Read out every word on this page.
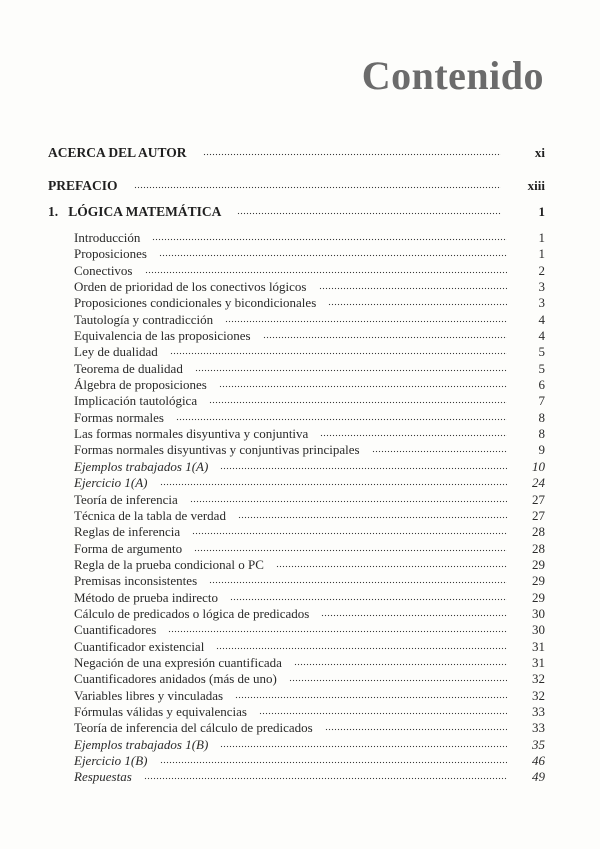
Contenido
ACERCA DEL AUTOR	xi
PREFACIO	xiii
1.   LÓGICA MATEMÁTICA	1
Introducción	1
Proposiciones	1
Conectivos	2
Orden de prioridad de los conectivos lógicos	3
Proposiciones condicionales y bicondicionales	3
Tautología y contradicción	4
Equivalencia de las proposiciones	4
Ley de dualidad	5
Teorema de dualidad	5
Álgebra de proposiciones	6
Implicación tautológica	7
Formas normales	8
Las formas normales disyuntiva y conjuntiva	8
Formas normales disyuntivas y conjuntivas principales	9
Ejemplos trabajados 1(A)	10
Ejercicio 1(A)	24
Teoría de inferencia	27
Técnica de la tabla de verdad	27
Reglas de inferencia	28
Forma de argumento	28
Regla de la prueba condicional o PC	29
Premisas inconsistentes	29
Método de prueba indirecto	29
Cálculo de predicados o lógica de predicados	30
Cuantificadores	30
Cuantificador existencial	31
Negación de una expresión cuantificada	31
Cuantificadores anidados (más de uno)	32
Variables libres y vinculadas	32
Fórmulas válidas y equivalencias	33
Teoría de inferencia del cálculo de predicados	33
Ejemplos trabajados 1(B)	35
Ejercicio 1(B)	46
Respuestas	49
